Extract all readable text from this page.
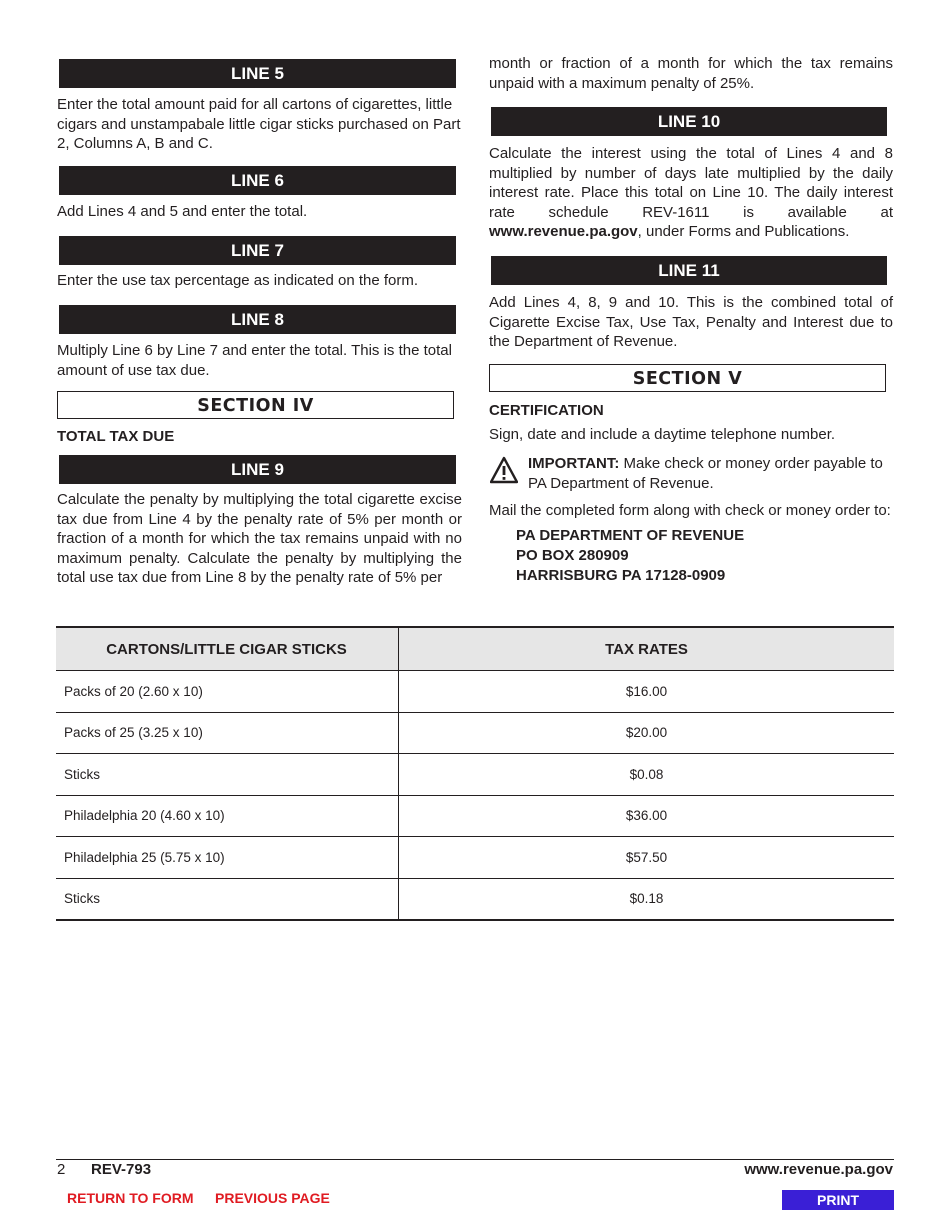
LINE 5
Enter the total amount paid for all cartons of cigarettes, little cigars and unstampabale little cigar sticks purchased on Part 2, Columns A, B and C.
LINE 6
Add Lines 4 and 5 and enter the total.
LINE 7
Enter the use tax percentage as indicated on the form.
LINE 8
Multiply Line 6 by Line 7 and enter the total. This is the total amount of use tax due.
SECTION IV
TOTAL TAX DUE
LINE 9
Calculate the penalty by multiplying the total cigarette excise tax due from Line 4 by the penalty rate of 5% per month or fraction of a month for which the tax remains unpaid with no maximum penalty. Calculate the penalty by multiplying the total use tax due from Line 8 by the penalty rate of 5% per
month or fraction of a month for which the tax remains unpaid with a maximum penalty of 25%.
LINE 10
Calculate the interest using the total of Lines 4 and 8 multiplied by number of days late multiplied by the daily interest rate. Place this total on Line 10. The daily interest rate schedule REV-1611 is available at www.revenue.pa.gov, under Forms and Publications.
LINE 11
Add Lines 4, 8, 9 and 10. This is the combined total of Cigarette Excise Tax, Use Tax, Penalty and Interest due to the Department of Revenue.
SECTION V
CERTIFICATION
Sign, date and include a daytime telephone number.
IMPORTANT: Make check or money order payable to PA Department of Revenue.
Mail the completed form along with check or money order to:
PA DEPARTMENT OF REVENUE
PO BOX 280909
HARRISBURG PA 17128-0909
CARTONS/LITTLE CIGAR STICKS	TAX RATES
Packs of 20 (2.60 x 10)	$16.00
Packs of 25 (3.25 x 10)	$20.00
Sticks	$0.08
Philadelphia 20 (4.60 x 10)	$36.00
Philadelphia 25 (5.75 x 10)	$57.50
Sticks	$0.18
2 REV-793	www.revenue.pa.gov
RETURN TO FORM PREVIOUS PAGE	PRINT
